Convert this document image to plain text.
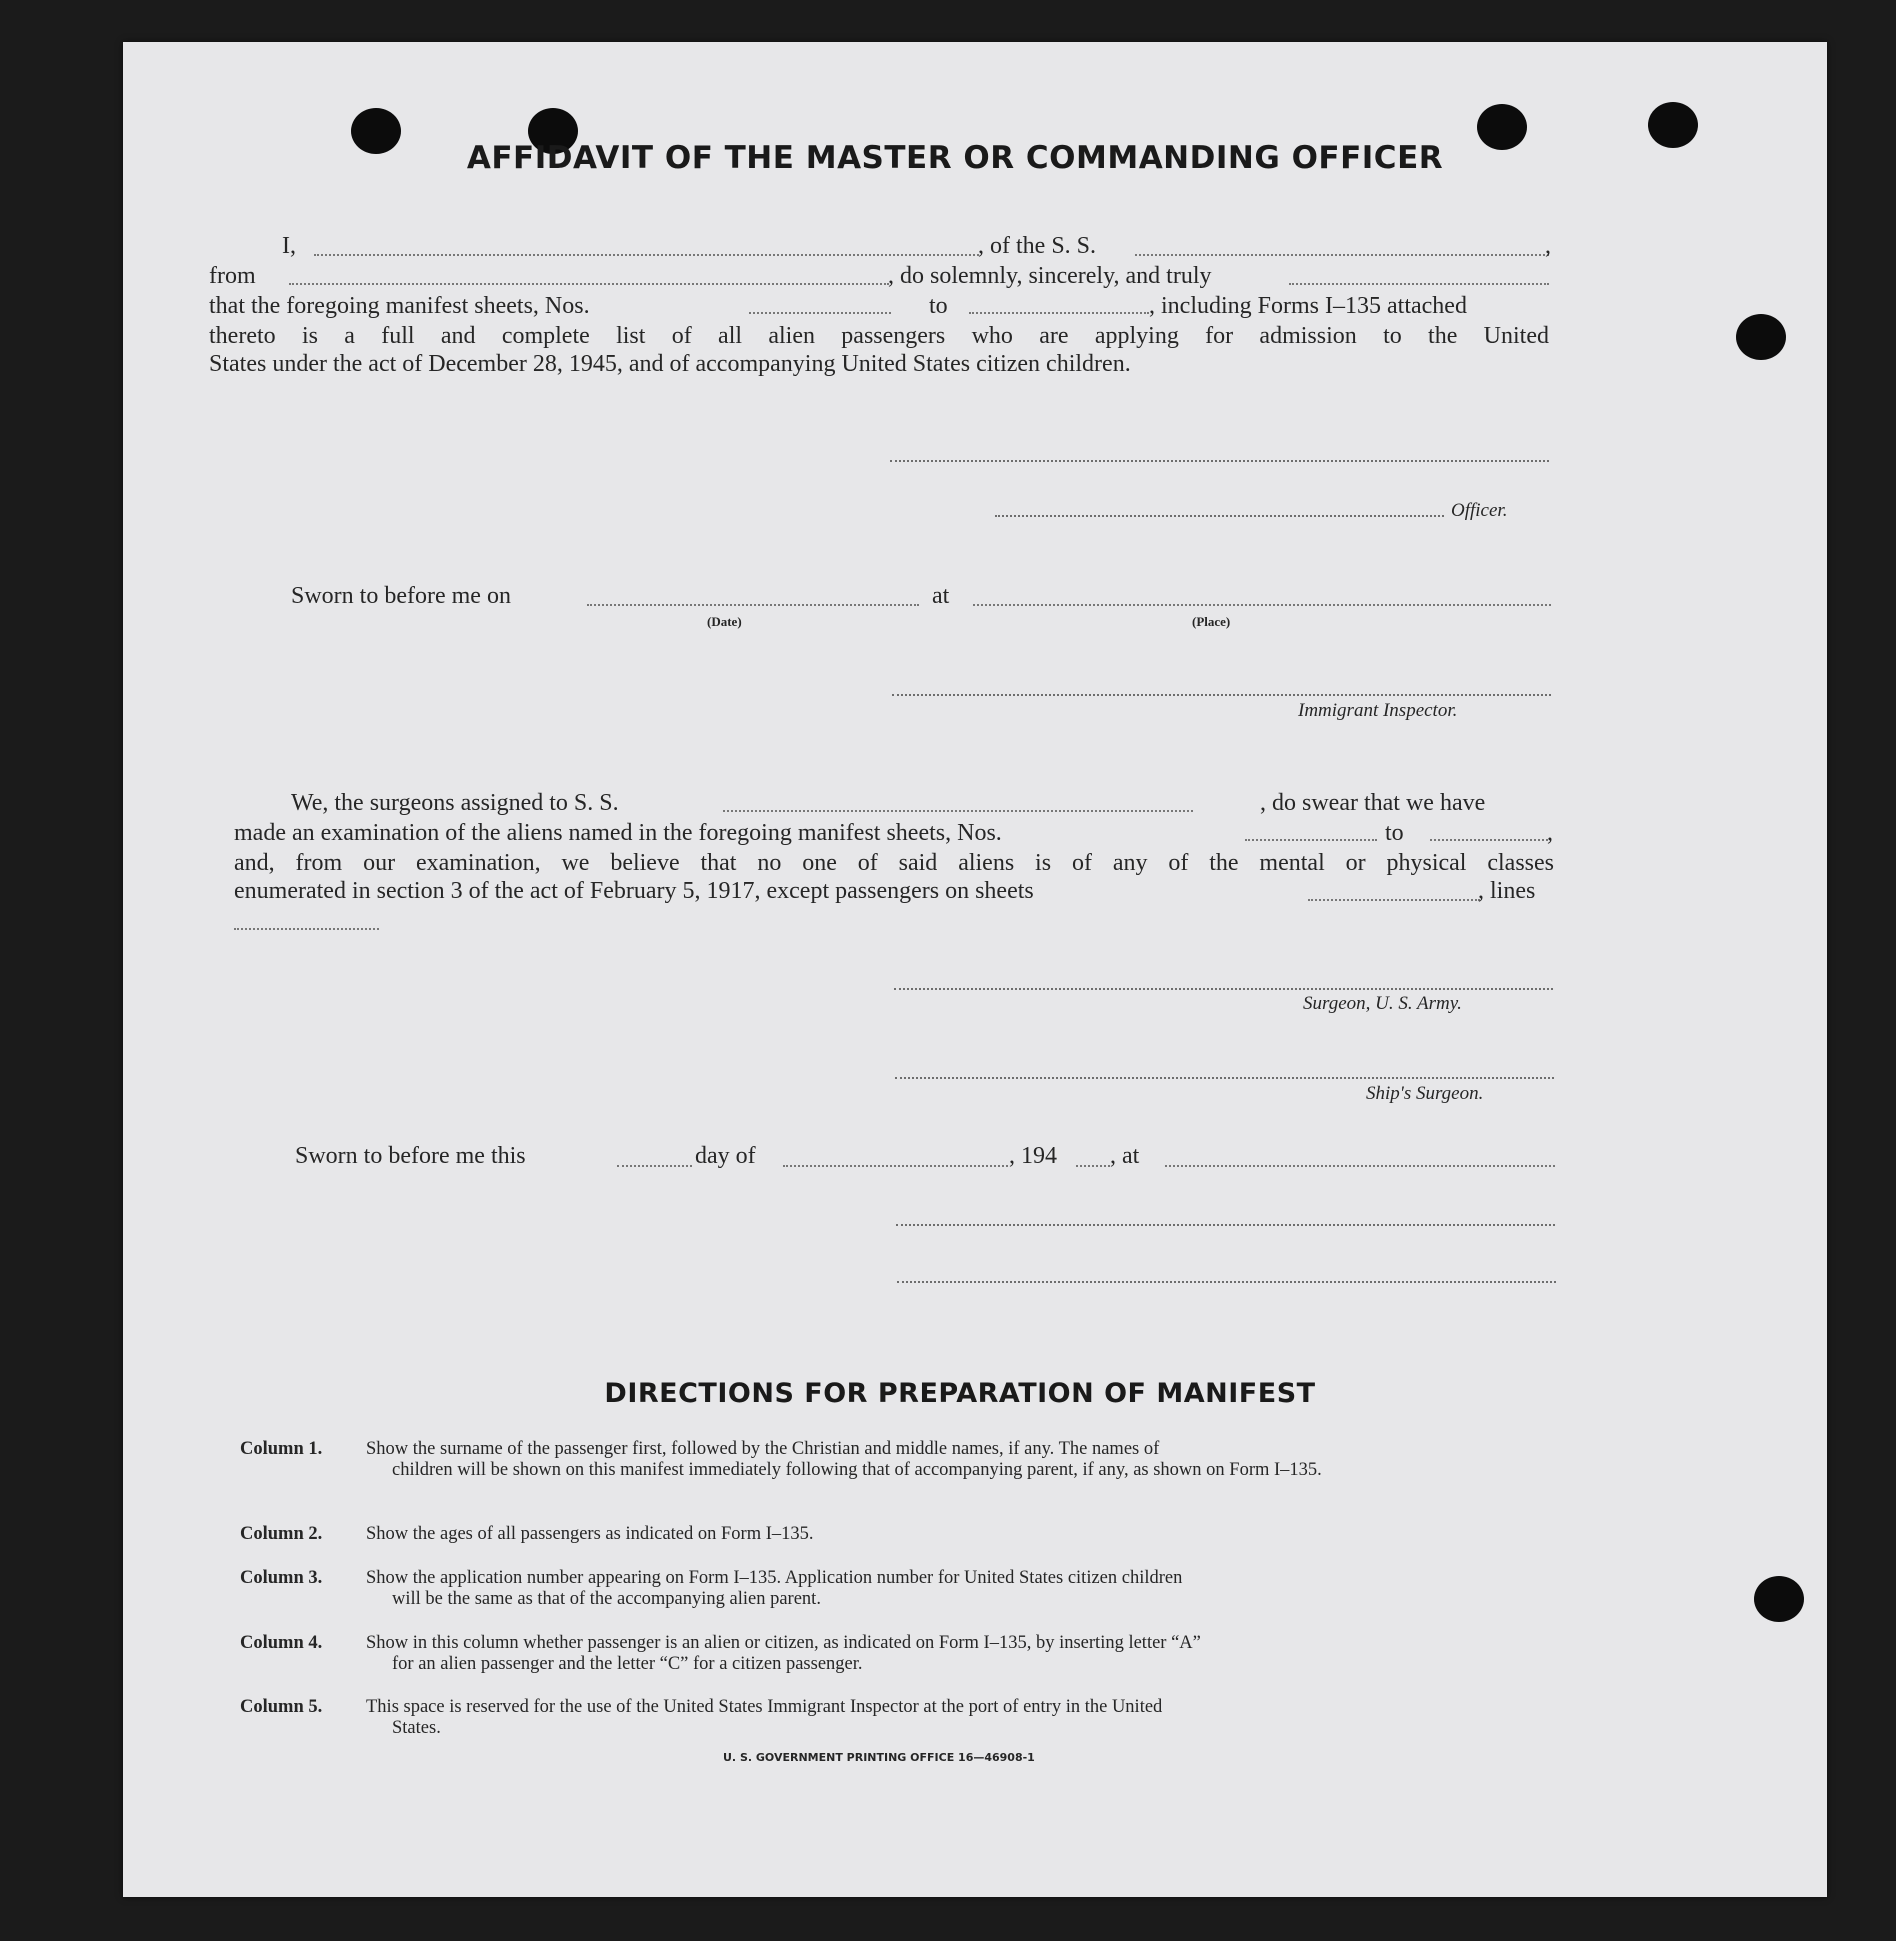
AFFIDAVIT OF THE MASTER OR COMMANDING OFFICER
I,	, of the S. S.	,
from	, do solemnly, sincerely, and truly
that the foregoing manifest sheets, Nos.	to	, including Forms I–135 attached
thereto is a full and complete list of all alien passengers who are applying for admission to the United
States under the act of December 28, 1945, and of accompanying United States citizen children.
Officer.
Sworn to before me on
(Date)
at
(Place)
Immigrant Inspector.
We, the surgeons assigned to S. S.	, do swear that we have
made an examination of the aliens named in the foregoing manifest sheets, Nos.	to	,
and, from our examination, we believe that no one of said aliens is of any of the mental or physical classes
enumerated in section 3 of the act of February 5, 1917, except passengers on sheets	, lines
Surgeon, U. S. Army.
Ship's Surgeon.
Sworn to before me this	day of	, 194 , at
DIRECTIONS FOR PREPARATION OF MANIFEST
Column 1. Show the surname of the passenger first, followed by the Christian and middle names, if any. The names of
children will be shown on this manifest immediately following that of accompanying parent, if any, as shown on Form I–135.
Column 2. Show the ages of all passengers as indicated on Form I–135.
Column 3. Show the application number appearing on Form I–135. Application number for United States citizen children
will be the same as that of the accompanying alien parent.
Column 4. Show in this column whether passenger is an alien or citizen, as indicated on Form I–135, by inserting letter “A”
for an alien passenger and the letter “C” for a citizen passenger.
Column 5. This space is reserved for the use of the United States Immigrant Inspector at the port of entry in the United
States.
U. S. GOVERNMENT PRINTING OFFICE 16—46908-1
